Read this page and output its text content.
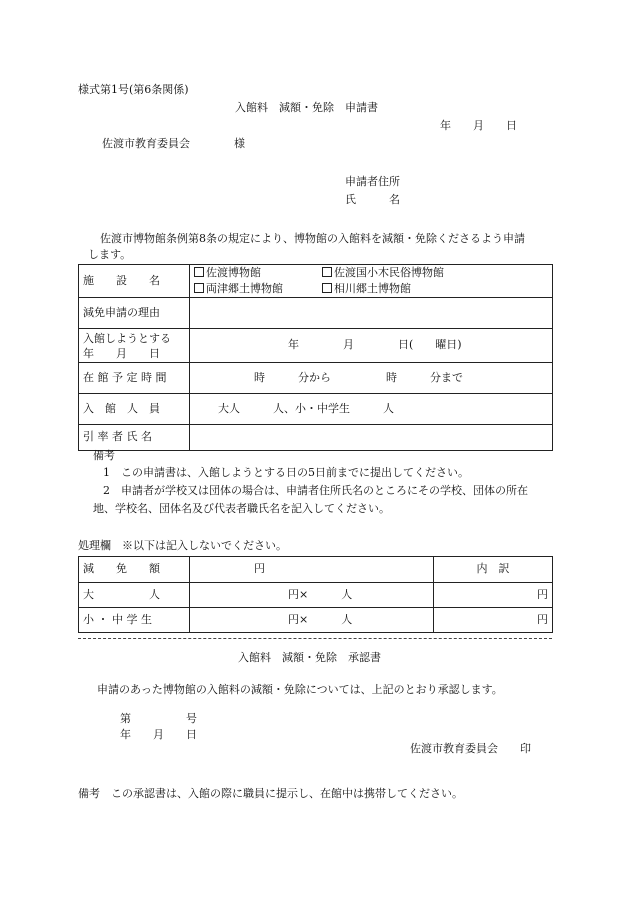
様式第1号(第6条関係)
入館料　減額・免除　申請書
年　　月　　日
佐渡市教育委員会　　　　様
申請者住所
氏　　　名
佐渡市博物館条例第8条の規定により、博物館の入館料を減額・免除くださるよう申請
します。
施　　設　　名	佐渡博物館 佐渡国小木民俗博物館
両津郷土博物館 相川郷土博物館
減免申請の理由	
入館しようとする
年　　月　　日	年　　　　月　　　　日(　　曜日)
在 館 予 定 時 間	時　　　分から　　　　　時　　　分まで
入　館　人　員	大人　　　人、小・中学生　　　人
引 率 者 氏 名	
備考
1　この申請書は、入館しようとする日の5日前までに提出してください。
2　申請者が学校又は団体の場合は、申請者住所氏名のところにその学校、団体の所在
地、学校名、団体名及び代表者職氏名を記入してください。
処理欄　※以下は記入しないでください。
減　　免　　額	円	内　訳
大　　　　　人	円×　　　人	円
小 ・ 中 学 生	円×　　　人	円
入館料　減額・免除　承認書
申請のあった博物館の入館料の減額・免除については、上記のとおり承認します。
第　　　　　号
年　　月　　日
佐渡市教育委員会　　印
備考　この承認書は、入館の際に職員に提示し、在館中は携帯してください。
